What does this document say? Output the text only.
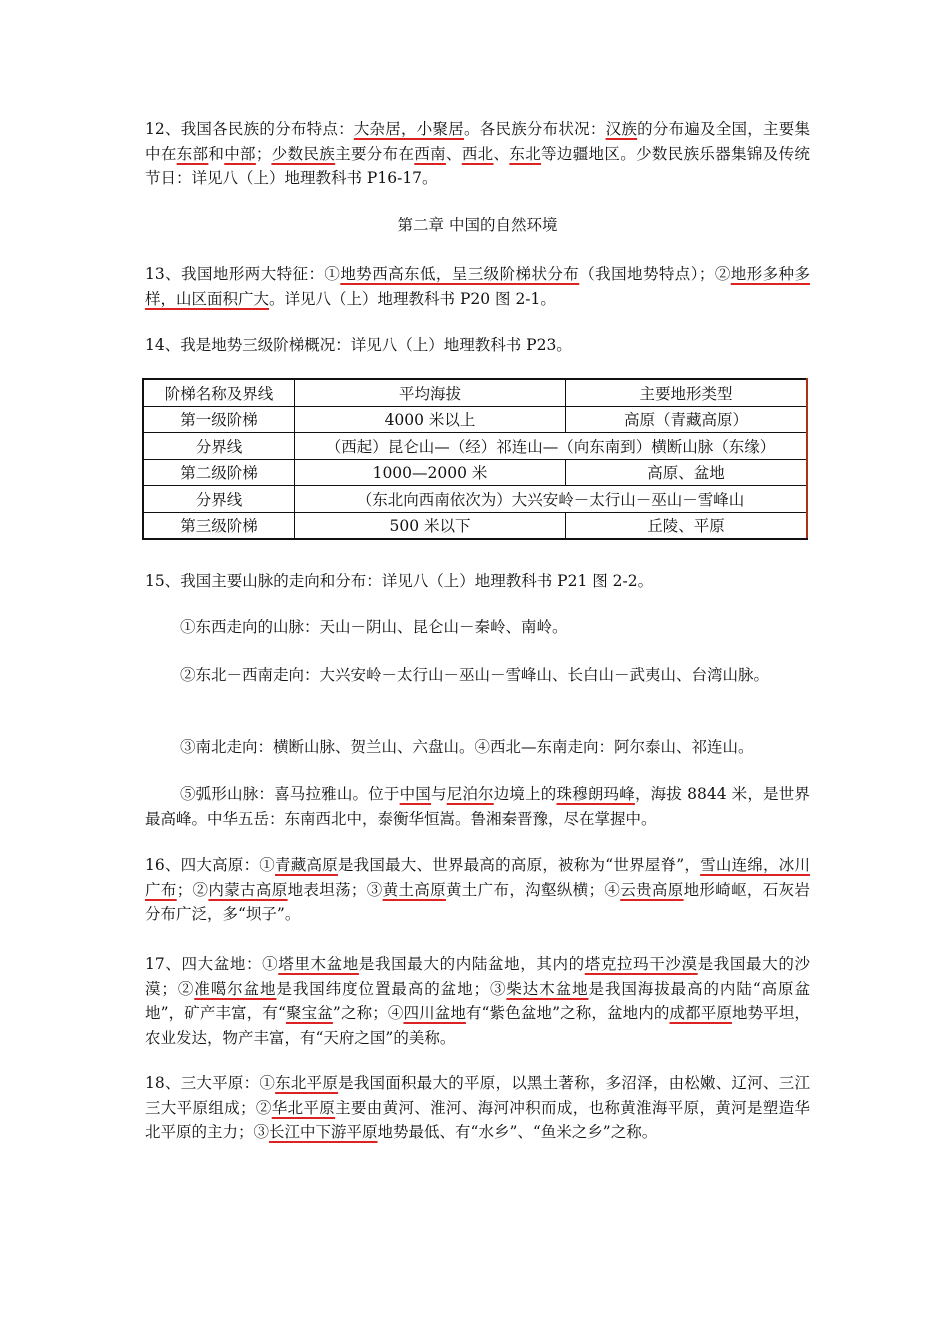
12、我国各民族的分布特点：大杂居，小聚居。各民族分布状况：汉族的分布遍及全国，主要集中在东部和中部；少数民族主要分布在西南、西北、东北等边疆地区。少数民族乐器集锦及传统节日：详见八（上）地理教科书 P16-17。

第二章 中国的自然环境

13、我国地形两大特征：①地势西高东低，呈三级阶梯状分布（我国地势特点）；②地形多种多样，山区面积广大。详见八（上）地理教科书 P20 图 2-1。

14、我是地势三级阶梯概况：详见八（上）地理教科书 P23。

阶梯名称及界线	平均海拔	主要地形类型
第一级阶梯	4000 米以上	高原（青藏高原）
分界线	（西起）昆仑山—（经）祁连山—（向东南到）横断山脉（东缘）	
第二级阶梯	1000—2000 米	高原、盆地
分界线	（东北向西南依次为）大兴安岭－太行山－巫山－雪峰山	
第三级阶梯	500 米以下	丘陵、平原

15、我国主要山脉的走向和分布：详见八（上）地理教科书 P21 图 2-2。

①东西走向的山脉：天山－阴山、昆仑山－秦岭、南岭。

②东北－西南走向：大兴安岭－太行山－巫山－雪峰山、长白山－武夷山、台湾山脉。

③南北走向：横断山脉、贺兰山、六盘山。④西北—东南走向：阿尔泰山、祁连山。

⑤弧形山脉：喜马拉雅山。位于中国与尼泊尔边境上的珠穆朗玛峰，海拔 8844 米，是世界最高峰。中华五岳：东南西北中，泰衡华恒嵩。鲁湘秦晋豫，尽在掌握中。

16、四大高原：①青藏高原是我国最大、世界最高的高原，被称为“世界屋脊”，雪山连绵，冰川广布；②内蒙古高原地表坦荡；③黄土高原黄土广布，沟壑纵横；④云贵高原地形崎岖，石灰岩分布广泛，多“坝子”。

17、四大盆地：①塔里木盆地是我国最大的内陆盆地，其内的塔克拉玛干沙漠是我国最大的沙漠；②准噶尔盆地是我国纬度位置最高的盆地；③柴达木盆地是我国海拔最高的内陆“高原盆地”，矿产丰富，有“聚宝盆”之称；④四川盆地有“紫色盆地”之称，盆地内的成都平原地势平坦，农业发达，物产丰富，有“天府之国”的美称。

18、三大平原：①东北平原是我国面积最大的平原，以黑土著称，多沼泽，由松嫩、辽河、三江三大平原组成；②华北平原主要由黄河、淮河、海河冲积而成，也称黄淮海平原，黄河是塑造华北平原的主力；③长江中下游平原地势最低、有“水乡”、“鱼米之乡”之称。
